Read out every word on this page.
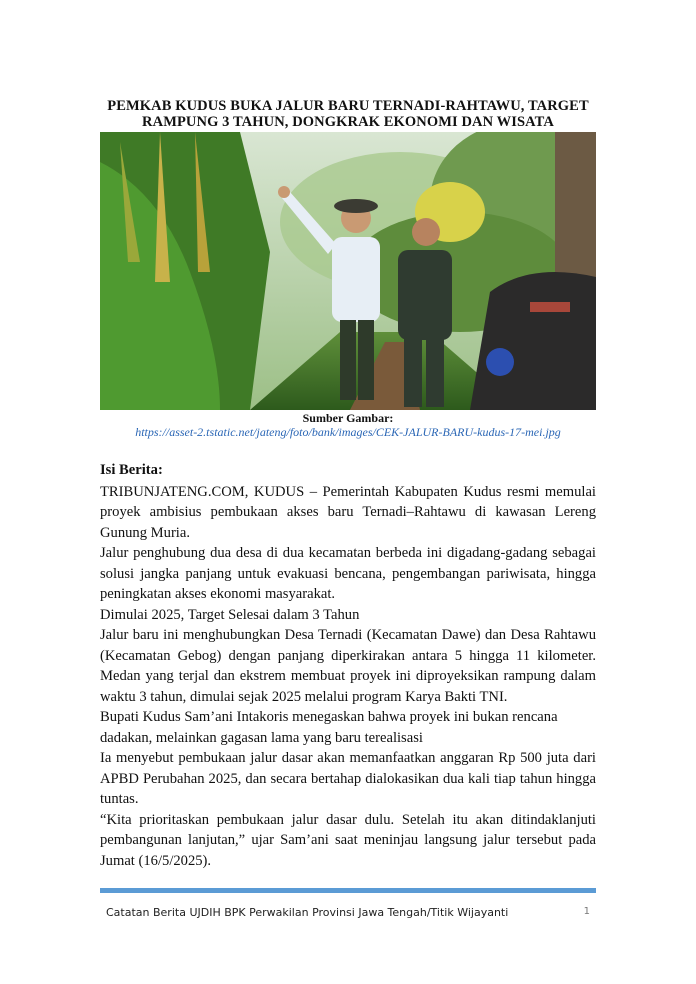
PEMKAB KUDUS BUKA JALUR BARU TERNADI-RAHTAWU, TARGET RAMPUNG 3 TAHUN, DONGKRAK EKONOMI DAN WISATA
Sumber Gambar:
https://asset-2.tstatic.net/jateng/foto/bank/images/CEK-JALUR-BARU-kudus-17-mei.jpg
Isi Berita:

TRIBUNJATENG.COM, KUDUS – Pemerintah Kabupaten Kudus resmi memulai proyek ambisius pembukaan akses baru Ternadi–Rahtawu di kawasan Lereng Gunung Muria.

Jalur penghubung dua desa di dua kecamatan berbeda ini digadang-gadang sebagai solusi jangka panjang untuk evakuasi bencana, pengembangan pariwisata, hingga peningkatan akses ekonomi masyarakat.

Dimulai 2025, Target Selesai dalam 3 Tahun

Jalur baru ini menghubungkan Desa Ternadi (Kecamatan Dawe) dan Desa Rahtawu (Kecamatan Gebog) dengan panjang diperkirakan antara 5 hingga 11 kilometer. Medan yang terjal dan ekstrem membuat proyek ini diproyeksikan rampung dalam waktu 3 tahun, dimulai sejak 2025 melalui program Karya Bakti TNI.

Bupati Kudus Sam’ani Intakoris menegaskan bahwa proyek ini bukan rencana dadakan, melainkan gagasan lama yang baru terealisasi

Ia menyebut pembukaan jalur dasar akan memanfaatkan anggaran Rp 500 juta dari APBD Perubahan 2025, dan secara bertahap dialokasikan dua kali tiap tahun hingga tuntas.

“Kita prioritaskan pembukaan jalur dasar dulu. Setelah itu akan ditindaklanjuti pembangunan lanjutan,” ujar Sam’ani saat meninjau langsung jalur tersebut pada Jumat (16/5/2025).

Catatan Berita UJDIH BPK Perwakilan Provinsi Jawa Tengah/Titik Wijayanti	1
